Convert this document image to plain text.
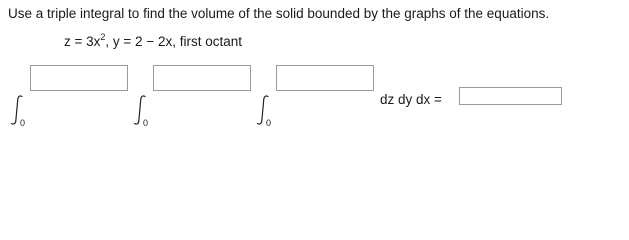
Use a triple integral to find the volume of the solid bounded by the graphs of the equations.
$z = 3x^2$, y = 2 − 2x, first octant
0	0	0
dz dy dx =
